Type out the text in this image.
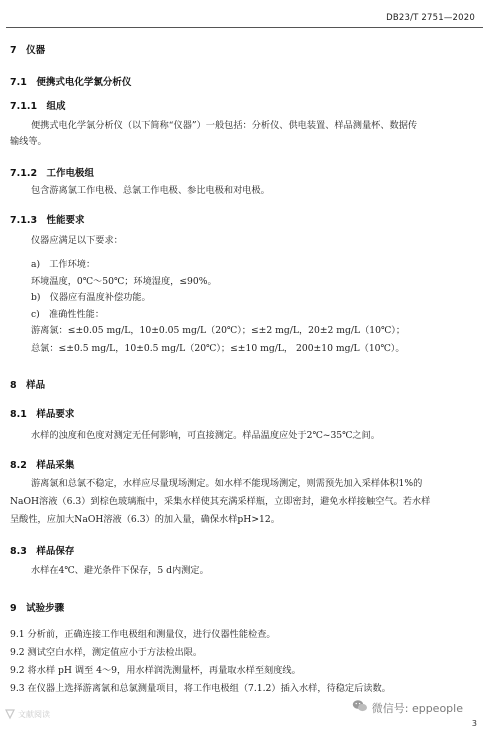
DB23/T 2751—2020
7　仪器
7.1　便携式电化学氯分析仪
7.1.1　组成
便携式电化学氯分析仪（以下简称“仪器”）一般包括：分析仪、供电装置、样品测量杯、数据传
输线等。
7.1.2　工作电极组
包含游离氯工作电极、总氯工作电极、参比电极和对电极。
7.1.3　性能要求
仪器应满足以下要求：
a)　工作环境：
环境温度，0℃～50℃；环境湿度，≤90%。
b)　仪器应有温度补偿功能。
c)　准确性性能：
游离氯：≤±0.05 mg/L，10±0.05 mg/L（20℃）；≤±2 mg/L，20±2 mg/L（10℃）；
总氯：≤±0.5 mg/L，10±0.5 mg/L（20℃）；≤±10 mg/L， 200±10 mg/L（10℃）。
8　样品
8.1　样品要求
水样的浊度和色度对测定无任何影响，可直接测定。样品温度应处于2℃~35℃之间。
8.2　样品采集
游离氯和总氯不稳定，水样应尽量现场测定。如水样不能现场测定，则需预先加入采样体积1%的
NaOH溶液（6.3）到棕色玻璃瓶中，采集水样使其充满采样瓶，立即密封，避免水样接触空气。若水样
呈酸性，应加大NaOH溶液（6.3）的加入量，确保水样pH>12。
8.3　样品保存
水样在4℃、避光条件下保存，5 d内测定。
9　试验步骤
9.1 分析前，正确连接工作电极组和测量仪，进行仪器性能检查。
9.2 测试空白水样，测定值应小于方法检出限。
9.2 将水样 pH 调至 4～9，用水样润洗测量杯，再量取水样至刻度线。
9.3 在仪器上选择游离氯和总氯测量项目，将工作电极组（7.1.2）插入水样，待稳定后读数。
文献阅读	微信号: eppeople
3
